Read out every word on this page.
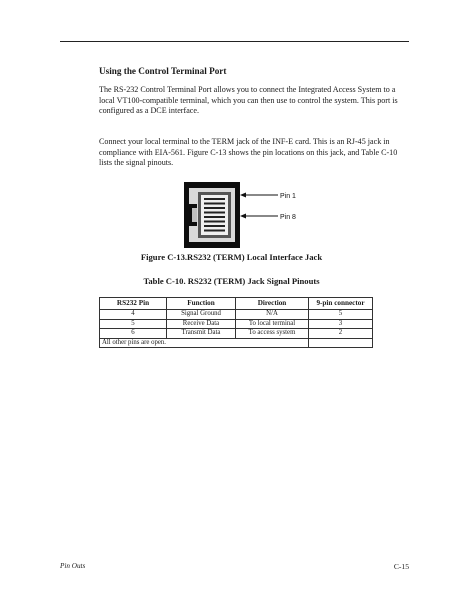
Using the Control Terminal Port

The RS-232 Control Terminal Port allows you to connect the Integrated Access System to a local VT100-compatible terminal, which you can then use to control the system. This port is configured as a DCE interface.

Connect your local terminal to the TERM jack of the INF-E card. This is an RJ-45 jack in compliance with EIA-561. Figure C-13 shows the pin locations on this jack, and Table C-10 lists the signal pinouts.

Pin 1
Pin 8
Figure C-13.RS232 (TERM) Local Interface Jack
Table C-10. RS232 (TERM) Jack Signal Pinouts
RS232 Pin	Function	Direction	9-pin connector
4	Signal Ground	N/A	5
5	Receive Data	To local terminal	3
6	Transmit Data	To access system	2
All other pins are open.			
Pin Outs	C-15
